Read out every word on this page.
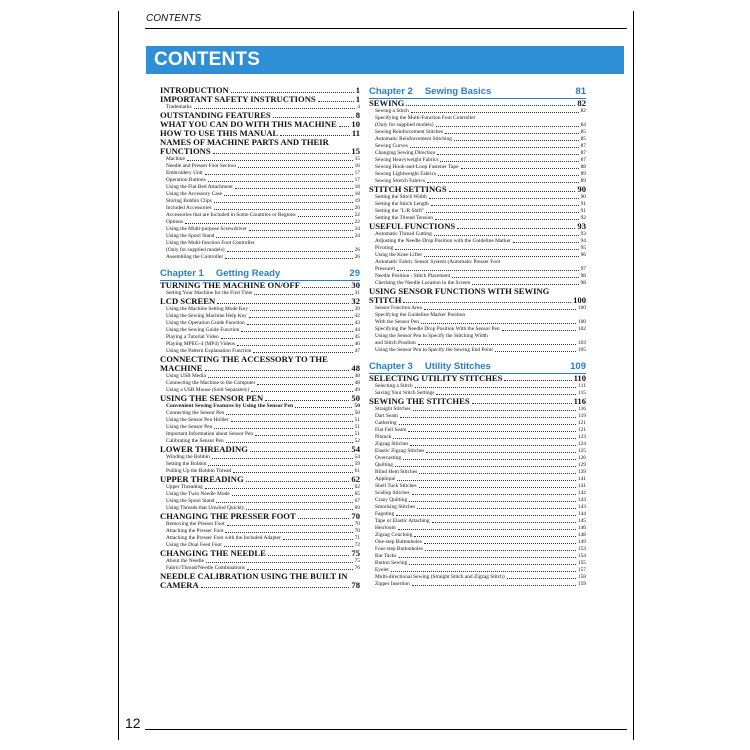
CONTENTS
CONTENTS
INTRODUCTION	1
IMPORTANT SAFETY INSTRUCTIONS	1
Trademarks	4
OUTSTANDING FEATURES	8
WHAT YOU CAN DO WITH THIS MACHINE 10
HOW TO USE THIS MANUAL	11
NAMES OF MACHINE PARTS AND THEIR
FUNCTIONS	15
Machine	15
Needle and Presser Foot Section	16
Embroidery Unit	17
Operation Buttons	17
Using the Flat Bed Attachment	18
Using the Accessory Case	18
Storing Bobbin Clips	19
Included Accessories	20
Accessories that are Included in Some Countries or Regions	22
Options	22
Using the Multi-purpose Screwdriver	24
Using the Spool Stand	24
Using the Multi-function Foot Controller
(Only for supplied models)	26
Assembling the Controller	26
Chapter 1 Getting Ready	29
TURNING THE MACHINE ON/OFF	30
Setting Your Machine for the First Time	31
LCD SCREEN	32
Using the Machine Setting Mode Key	39
Using the Sewing Machine Help Key	42
Using the Operation Guide Function	43
Using the Sewing Guide Function	44
Playing a Tutorial Video	45
Playing MPEG-4 (MP4) Videos	46
Using the Pattern Explanation Function	47
CONNECTING THE ACCESSORY TO THE
MACHINE	48
Using USB Media	48
Connecting the Machine to the Computer	48
Using a USB Mouse (Sold Separately)	49
USING THE SENSOR PEN	50
Convenient Sewing Features by Using the Sensor Pen	50
Connecting the Sensor Pen	50
Using the Sensor Pen Holder	51
Using the Sensor Pen	51
Important Information about Sensor Pen	51
Calibrating the Sensor Pen	52
LOWER THREADING	54
Winding the Bobbin	54
Setting the Bobbin	59
Pulling Up the Bobbin Thread	61
UPPER THREADING	62
Upper Threading	62
Using the Twin Needle Mode	65
Using the Spool Stand	67
Using Threads that Unwind Quickly	69
CHANGING THE PRESSER FOOT	70
Removing the Presser Foot	70
Attaching the Presser Foot	70
Attaching the Presser Foot with the Included Adapter	71
Using the Dual Feed Foot	72
CHANGING THE NEEDLE	75
About the Needle	75
Fabric/Thread/Needle Combinations	76
NEEDLE CALIBRATION USING THE BUILT IN
CAMERA	78
Chapter 2 Sewing Basics	81
SEWING	82
Sewing a Stitch	82
Specifying the Multi-Function Foot Controller
(Only for supplied models)	84
Sewing Reinforcement Stitches	85
Automatic Reinforcement Stitching	85
Sewing Curves	87
Changing Sewing Direction	87
Sewing Heavyweight Fabrics	87
Sewing Hook-and-Loop Fastener Tape	88
Sewing Lightweight Fabrics	89
Sewing Stretch Fabrics	89
STITCH SETTINGS	90
Setting the Stitch Width	90
Setting the Stitch Length	91
Setting the "L/R Shift"	91
Setting the Thread Tension	92
USEFUL FUNCTIONS	93
Automatic Thread Cutting	93
Adjusting the Needle Drop Position with the Guideline Marker	94
Pivoting	95
Using the Knee Lifter	96
Automatic Fabric Sensor System (Automatic Presser Foot
Pressure)	97
Needle Position - Stitch Placement	98
Checking the Needle Location in the Screen	98
USING SENSOR FUNCTIONS WITH SEWING
STITCH	100
Sensor Function Area	100
Specifying the Guideline Marker Position
With the Sensor Pen	100
Specifying the Needle Drop Position With the Sensor Pen	102
Using the Sensor Pen to Specify the Stitching Width
and Stitch Position	103
Using the Sensor Pen to Specify the Sewing End Point	105
Chapter 3 Utility Stitches	109
SELECTING UTILITY STITCHES	110
Selecting a Stitch	111
Saving Your Stitch Settings	115
SEWING THE STITCHES	116
Straight Stitches	116
Dart Seam	119
Gathering	121
Flat Fell Seam	121
Pintuck	123
Zigzag Stitches	124
Elastic Zigzag Stitches	125
Overcasting	126
Quilting	129
Blind Hem Stitches	139
Appliqué	141
Shell Tuck Stitches	141
Scallop Stitches	142
Crazy Quilting	143
Smocking Stitches	143
Fagoting	144
Tape or Elastic Attaching	145
Heirloom	146
Zigzag Couching	148
One-step Buttonholes	149
Four-step Buttonholes	153
Bar Tacks	154
Button Sewing	155
Eyelet	157
Multi-directional Sewing (Straight Stitch and Zigzag Stitch)	158
Zipper Insertion	159
12
